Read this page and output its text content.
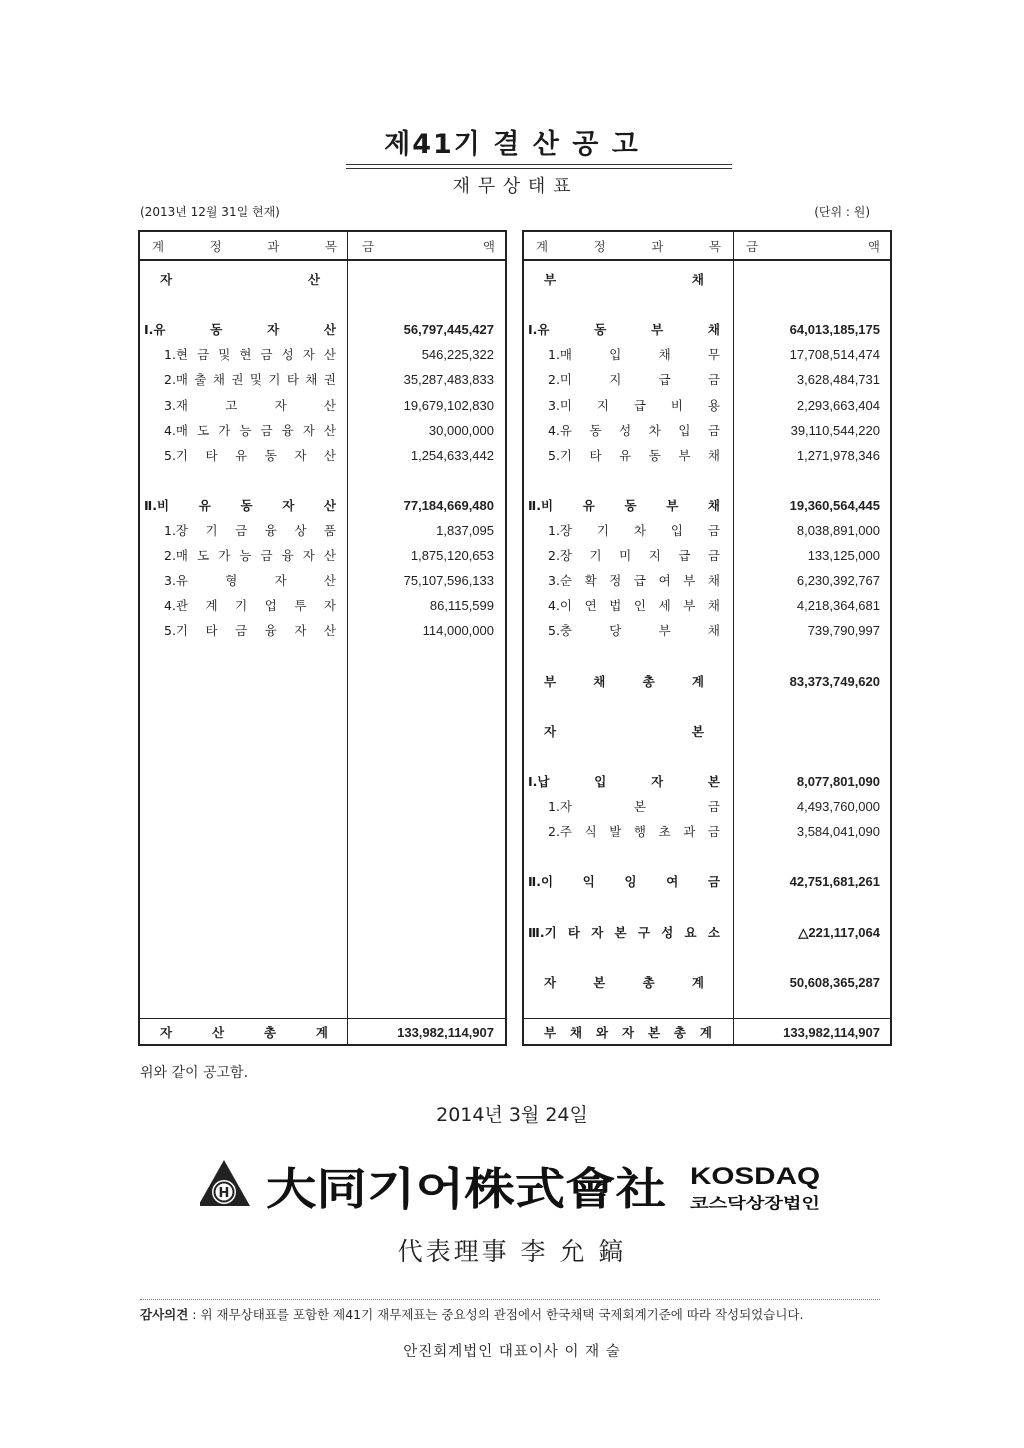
제41기 결 산 공 고
재 무 상 태 표
(2013년 12월 31일 현재)	(단위 : 원)
계	정	과	목 금	액
자	산
Ⅰ.유	동	자	산	56,797,445,427
1.현 금 및 현 금 성 자 산	546,225,322
2.매 출 채 권 및 기 타 채 권	35,287,483,833
3.재	고	자	산	19,679,102,830
4.매 도 가 능 금 융 자 산	30,000,000
5.기 타 유 동 자 산	1,254,633,442
Ⅱ.비 유 동 자 산	77,184,669,480
1.장 기 금 융 상 품	1,837,095
2.매 도 가 능 금 융 자 산	1,875,120,653
3.유	형	자	산	75,107,596,133
4.관 계 기 업 투 자	86,115,599
5.기 타 금 융 자 산	114,000,000
자	산	총	계	133,982,114,907
계	정	과	목 금	액
부	채
Ⅰ.유	동	부	채	64,013,185,175
1.매	입	채	무	17,708,514,474
2.미	지	급	금	3,628,484,731
3.미 지 급 비 용	2,293,663,404
4.유 동 성 차 입 금	39,110,544,220
5.기 타 유 동 부 채	1,271,978,346
Ⅱ.비 유 동 부 채	19,360,564,445
1.장 기 차 입 금	8,038,891,000
2.장 기 미 지 급 금	133,125,000
3.순 확 정 급 여 부 채	6,230,392,767
4.이 연 법 인 세 부 채	4,218,364,681
5.충	당	부	채	739,790,997
부	채	총	계	83,373,749,620
자	본
Ⅰ.납	입	자	본	8,077,801,090
1.자	본	금	4,493,760,000
2.주 식 발 행 초 과 금	3,584,041,090
Ⅱ.이 익 잉 여 금	42,751,681,261
Ⅲ.기 타 자 본 구 성 요 소	△221,117,064
자	본	총	계	50,608,365,287
부 채 와 자 본 총 계	133,982,114,907
위와 같이 공고함.
2014년 3월 24일
H 大同기어株式會社 KOSDAQ
코스닥상장법인
代表理事 李 允 鎬
감사의견 : 위 재무상태표를 포함한 제41기 재무제표는 중요성의 관점에서 한국채택 국제회계기준에 따라 작성되었습니다.
안진회계법인 대표이사 이 재 술
